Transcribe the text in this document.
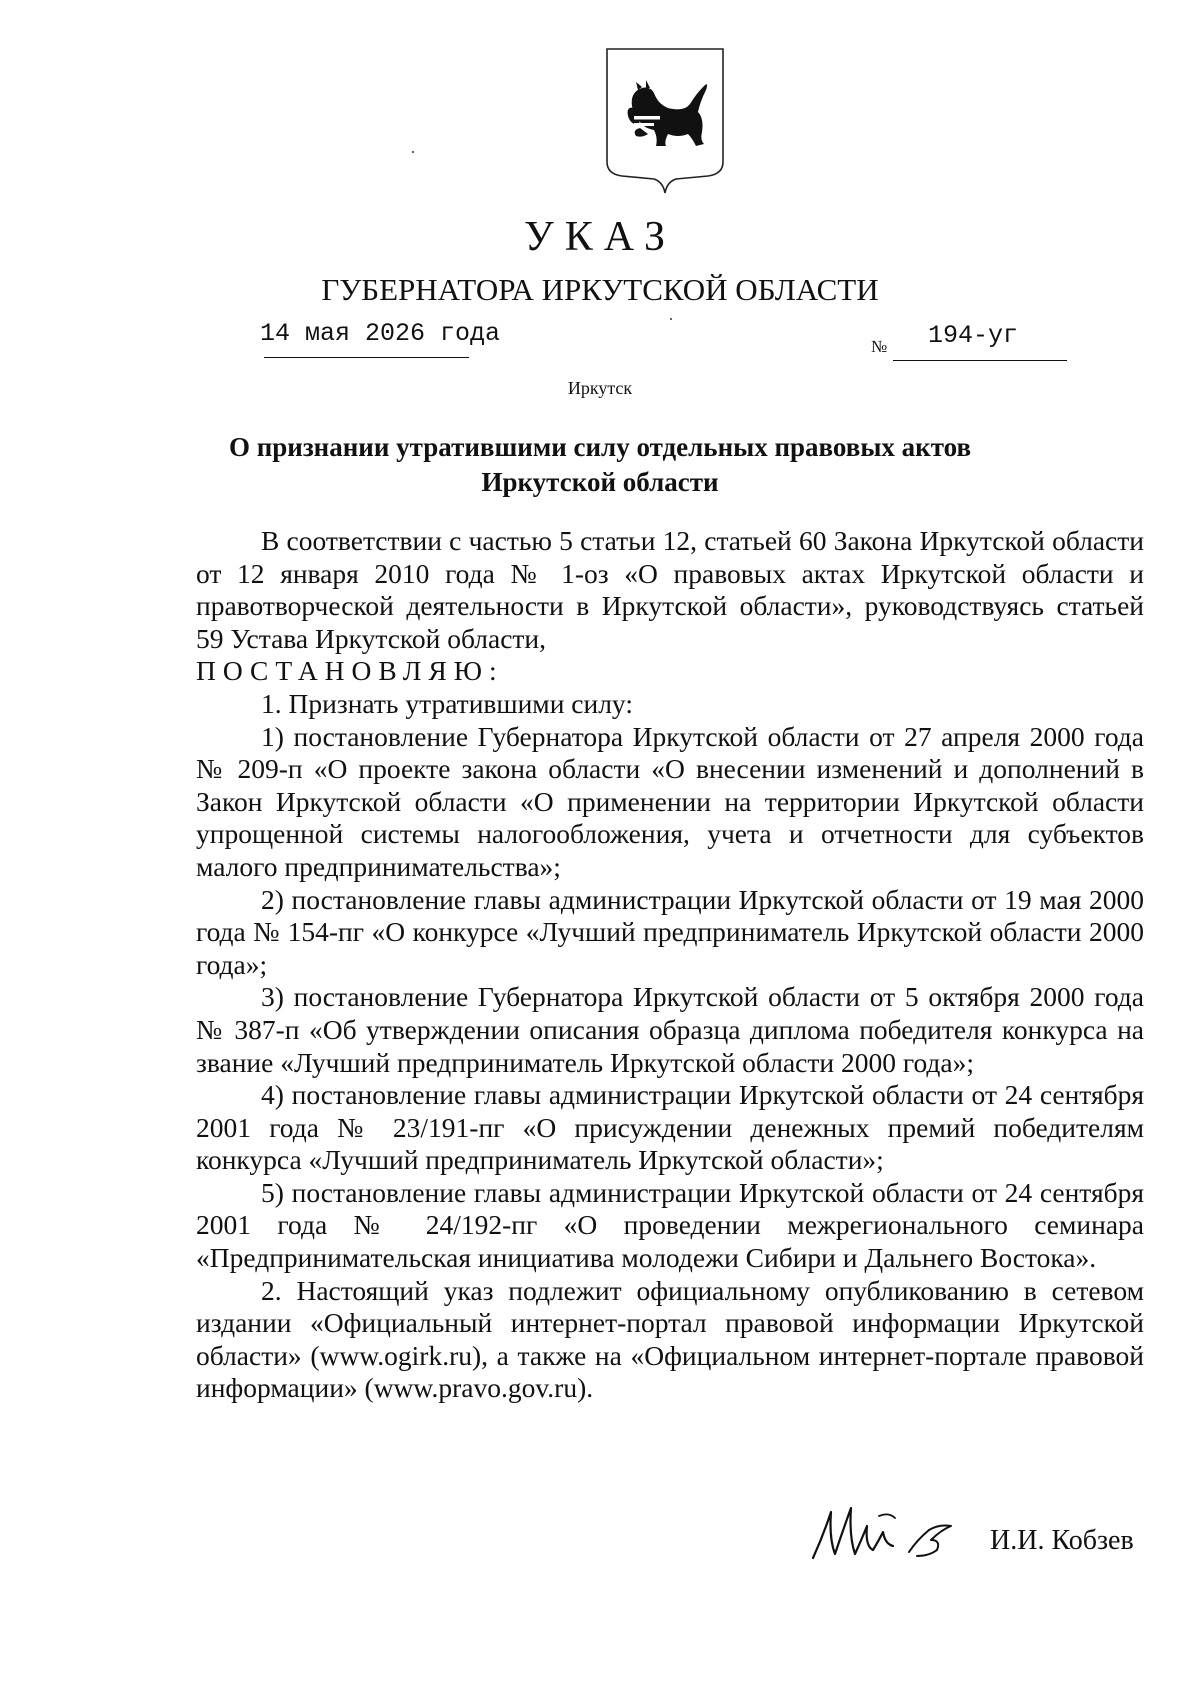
УКАЗ
ГУБЕРНАТОРА ИРКУТСКОЙ ОБЛАСТИ
14 мая 2026 года	№ 194-уг
Иркутск
О признании утратившими силу отдельных правовых актов
Иркутской области

В соответствии с частью 5 статьи 12, статьей 60 Закона Иркутской области от 12 января 2010 года № 1-оз «О правовых актах Иркутской области и правотворческой деятельности в Иркутской области», руководствуясь статьей 59 Устава Иркутской области,

ПОСТАНОВЛЯЮ:

1. Признать утратившими силу:

1) постановление Губернатора Иркутской области от 27 апреля 2000 года № 209-п «О проекте закона области «О внесении изменений и дополнений в Закон Иркутской области «О применении на территории Иркутской области упрощенной системы налогообложения, учета и отчетности для субъектов малого предпринимательства»;

2) постановление главы администрации Иркутской области от 19 мая 2000 года № 154-пг «О конкурсе «Лучший предприниматель Иркутской области 2000 года»;

3) постановление Губернатора Иркутской области от 5 октября 2000 года № 387-п «Об утверждении описания образца диплома победителя конкурса на звание «Лучший предприниматель Иркутской области 2000 года»;

4) постановление главы администрации Иркутской области от 24 сентября 2001 года № 23/191-пг «О присуждении денежных премий победителям конкурса «Лучший предприниматель Иркутской области»;

5) постановление главы администрации Иркутской области от 24 сентября 2001 года № 24/192-пг «О проведении межрегионального семинара «Предпринимательская инициатива молодежи Сибири и Дальнего Востока».

2. Настоящий указ подлежит официальному опубликованию в сетевом издании «Официальный интернет-портал правовой информации Иркутской области» (www.ogirk.ru), а также на «Официальном интернет-портале правовой информации» (www.pravo.gov.ru).

И.И. Кобзев
